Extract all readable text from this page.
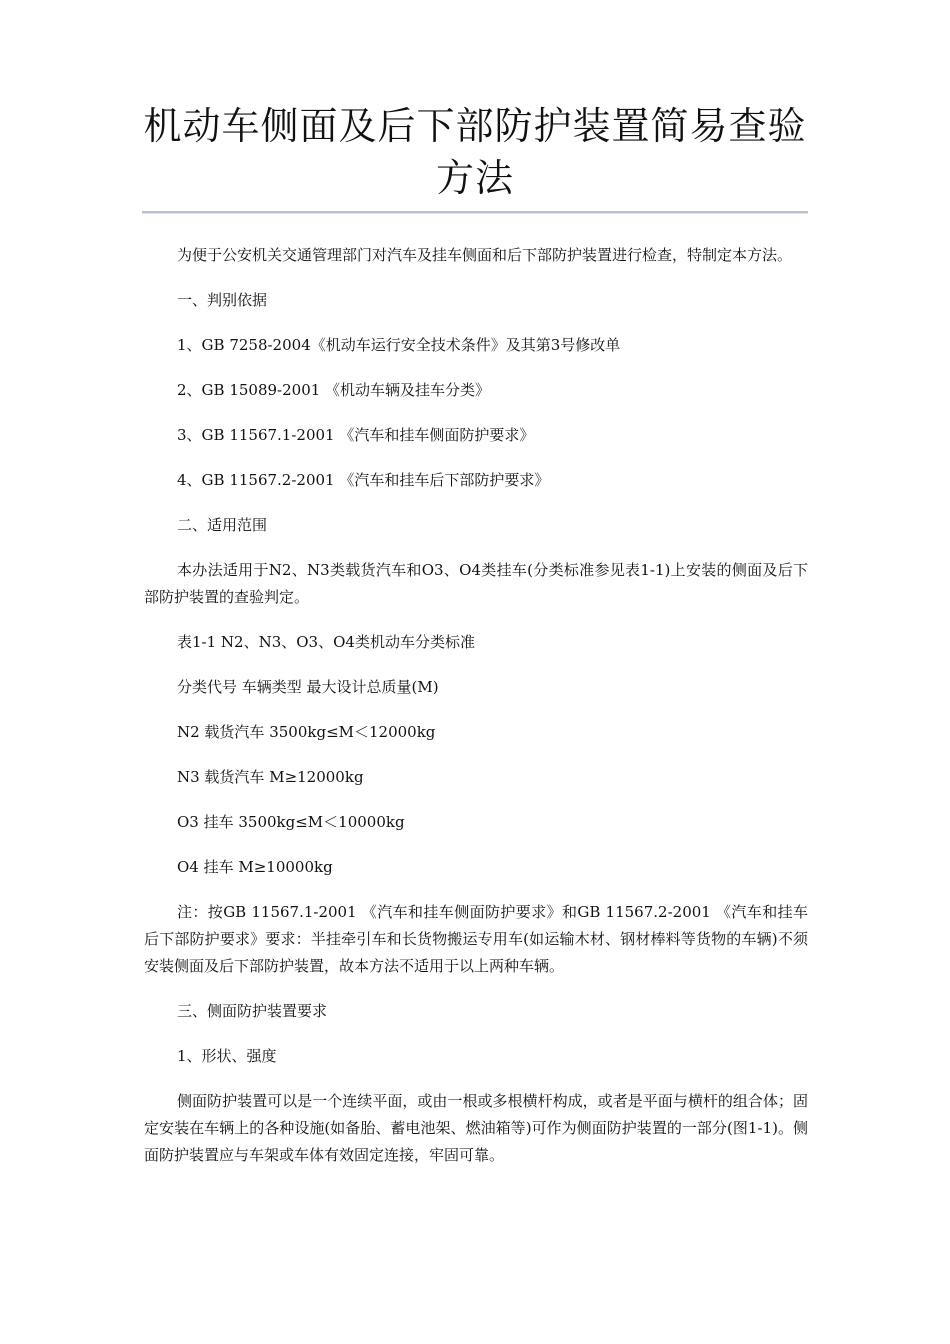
机动车侧面及后下部防护装置简易查验
方法

为便于公安机关交通管理部门对汽车及挂车侧面和后下部防护装置进行检查，特制定本方法。

一、判别依据

1、GB 7258-2004《机动车运行安全技术条件》及其第3号修改单

2、GB 15089-2001 《机动车辆及挂车分类》

3、GB 11567.1-2001 《汽车和挂车侧面防护要求》

4、GB 11567.2-2001 《汽车和挂车后下部防护要求》

二、适用范围

本办法适用于N2、N3类载货汽车和O3、O4类挂车(分类标准参见表1-1)上安装的侧面及后下部防护装置的查验判定。

表1-1 N2、N3、O3、O4类机动车分类标准

分类代号 车辆类型 最大设计总质量(M)

N2 载货汽车 3500kg≤M＜12000kg

N3 载货汽车 M≥12000kg

O3 挂车 3500kg≤M＜10000kg

O4 挂车 M≥10000kg

注：按GB 11567.1-2001 《汽车和挂车侧面防护要求》和GB 11567.2-2001 《汽车和挂车后下部防护要求》要求：半挂牵引车和长货物搬运专用车(如运输木材、钢材棒料等货物的车辆)不须安装侧面及后下部防护装置，故本方法不适用于以上两种车辆。

三、侧面防护装置要求

1、形状、强度

侧面防护装置可以是一个连续平面，或由一根或多根横杆构成，或者是平面与横杆的组合体；固定安装在车辆上的各种设施(如备胎、蓄电池架、燃油箱等)可作为侧面防护装置的一部分(图1-1)。侧面防护装置应与车架或车体有效固定连接，牢固可靠。
